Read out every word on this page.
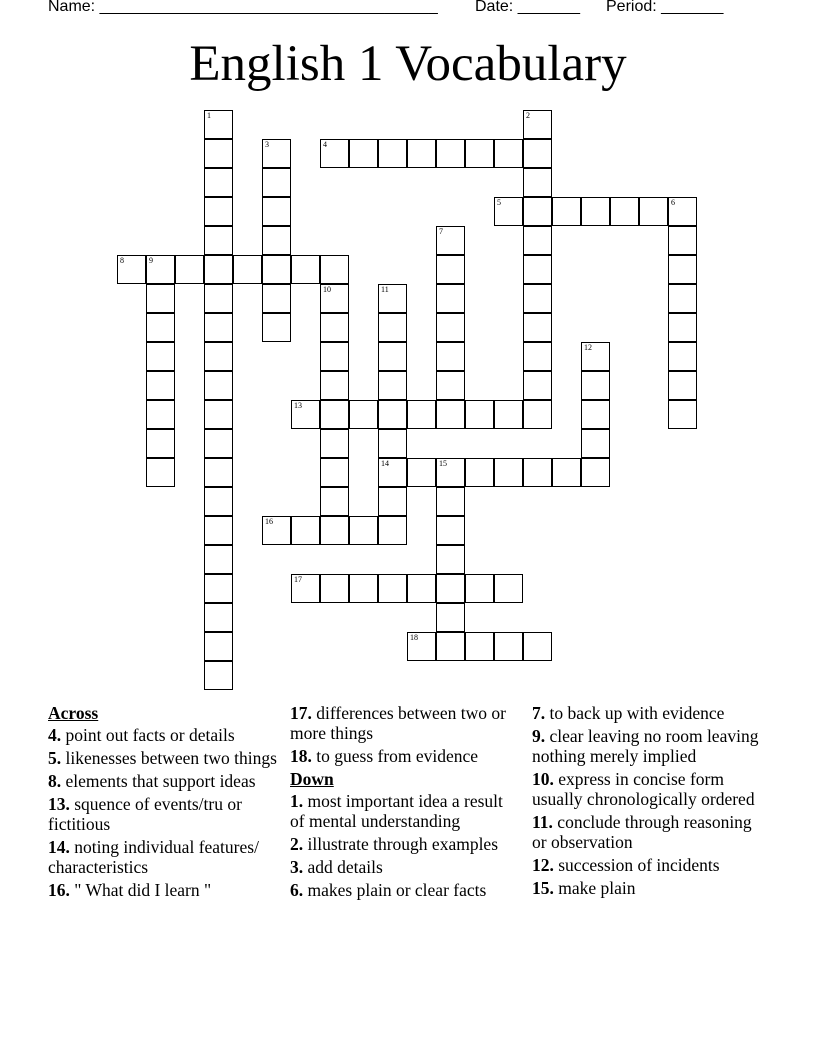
Name: ______________________________________

Date: _______

Period: _______

English 1 Vocabulary
1	2
3	4
5	6
7
8	9
10	11
14
12
13
15
16
17
18
Across
4. point out facts or details
5. likenesses between two things
8. elements that support ideas
13. squence of events/tru or fictitious
14. noting individual features/ characteristics
16. " What did I learn "
17. differences between two or more things
18. to guess from evidence
Down
1. most important idea a result of mental understanding
2. illustrate through examples
3. add details
6. makes plain or clear facts
7. to back up with evidence
9. clear leaving no room leaving nothing merely implied
10. express in concise form usually chronologically ordered
11. conclude through reasoning or observation
12. succession of incidents
15. make plain
